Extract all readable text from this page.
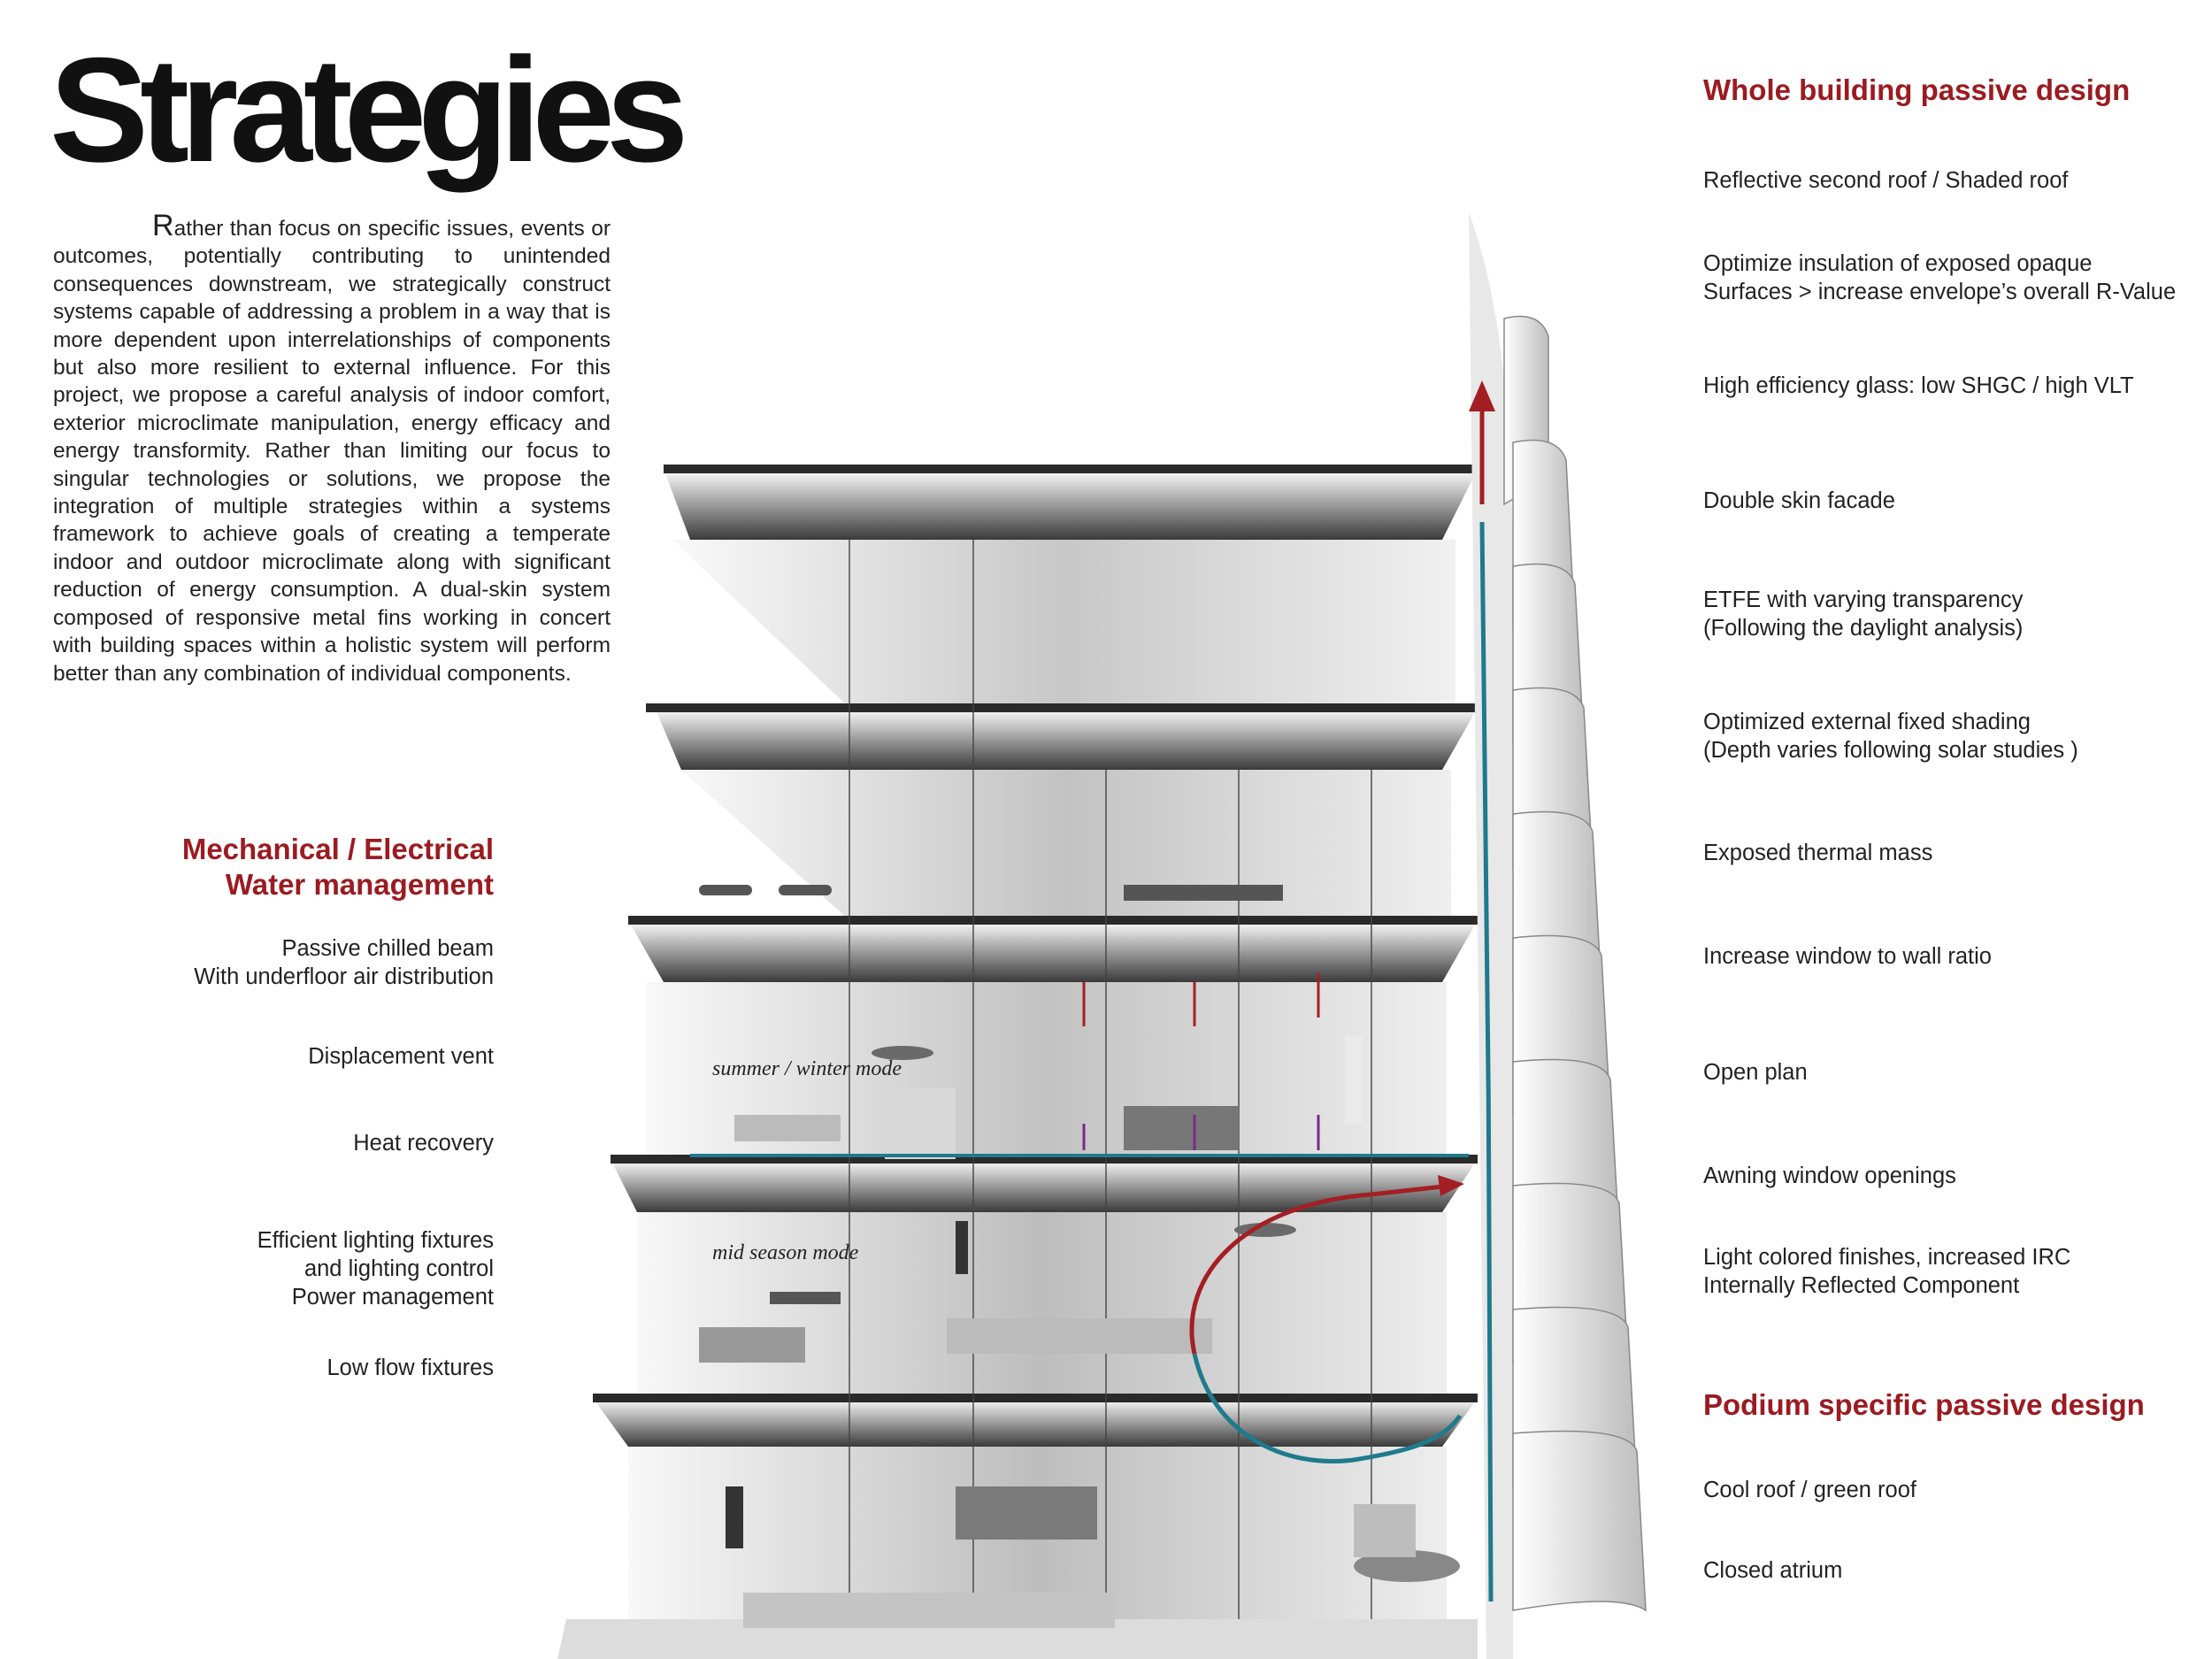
Strategies
Rather than focus on specific issues, events or outcomes, potentially contributing to unintended consequences downstream, we strategically construct systems capable of addressing a problem in a way that is more dependent upon interrelationships of components but also more resilient to external influence. For this project, we propose a careful analysis of indoor comfort, exterior microclimate manipulation, energy efficacy and energy transformity. Rather than limiting our focus to singular technologies or solutions, we propose the integration of multiple strategies within a systems framework to achieve goals of creating a temperate indoor and outdoor microclimate along with significant reduction of energy consumption. A dual-skin system composed of responsive metal fins working in concert with building spaces within a holistic system will perform better than any combination of individual components.
Mechanical / Electrical
Water management
Passive chilled beam
With underfloor air distribution
Displacement vent
Heat recovery
Efficient lighting fixtures
and lighting control
Power management
Low flow fixtures
summer / winter mode
mid season mode
Whole building passive design
Reflective second roof / Shaded roof
Optimize insulation of exposed opaque
Surfaces > increase envelope’s overall R-Value
High efficiency glass: low SHGC / high VLT
Double skin facade
ETFE with varying transparency
(Following the daylight analysis)
Optimized external fixed shading
(Depth varies following solar studies )
Exposed thermal mass
Increase window to wall ratio
Open plan
Awning window openings
Light colored finishes, increased IRC
Internally Reflected Component
Podium specific passive design
Cool roof / green roof
Closed atrium
